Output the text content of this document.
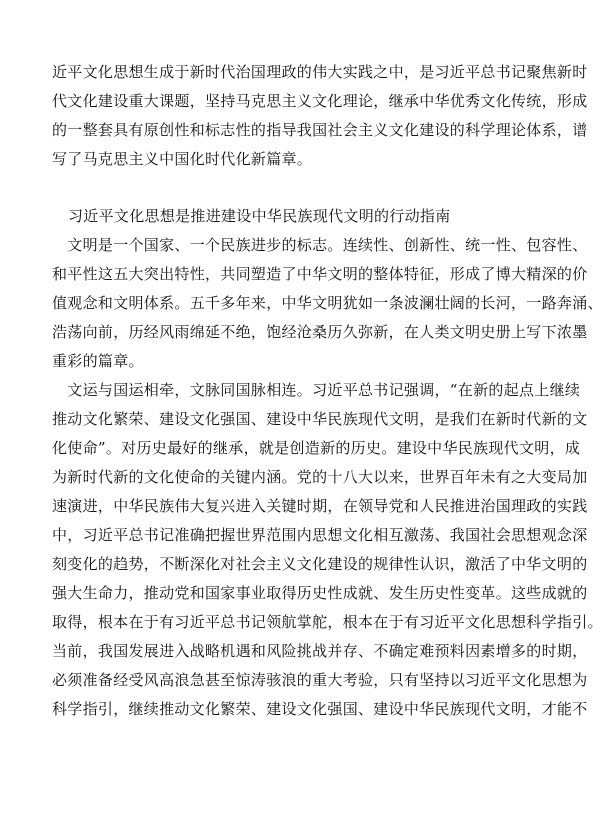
近平文化思想生成于新时代治国理政的伟大实践之中，是习近平总书记聚焦新时
代文化建设重大课题，坚持马克思主义文化理论，继承中华优秀文化传统，形成
的一整套具有原创性和标志性的指导我国社会主义文化建设的科学理论体系，谱
写了马克思主义中国化时代化新篇章。
习近平文化思想是推进建设中华民族现代文明的行动指南
　文明是一个国家、一个民族进步的标志。连续性、创新性、统一性、包容性、
和平性这五大突出特性，共同塑造了中华文明的整体特征，形成了博大精深的价
值观念和文明体系。五千多年来，中华文明犹如一条波澜壮阔的长河，一路奔涌、
浩荡向前，历经风雨绵延不绝，饱经沧桑历久弥新，在人类文明史册上写下浓墨
重彩的篇章。
　文运与国运相牵，文脉同国脉相连。习近平总书记强调，“在新的起点上继续
推动文化繁荣、建设文化强国、建设中华民族现代文明，是我们在新时代新的文
化使命”。对历史最好的继承，就是创造新的历史。建设中华民族现代文明，成
为新时代新的文化使命的关键内涵。党的十八大以来，世界百年未有之大变局加
速演进，中华民族伟大复兴进入关键时期，在领导党和人民推进治国理政的实践
中，习近平总书记准确把握世界范围内思想文化相互激荡、我国社会思想观念深
刻变化的趋势，不断深化对社会主义文化建设的规律性认识，激活了中华文明的
强大生命力，推动党和国家事业取得历史性成就、发生历史性变革。这些成就的
取得，根本在于有习近平总书记领航掌舵，根本在于有习近平文化思想科学指引。
当前，我国发展进入战略机遇和风险挑战并存、不确定难预料因素增多的时期，
必须准备经受风高浪急甚至惊涛骇浪的重大考验，只有坚持以习近平文化思想为
科学指引，继续推动文化繁荣、建设文化强国、建设中华民族现代文明，才能不
